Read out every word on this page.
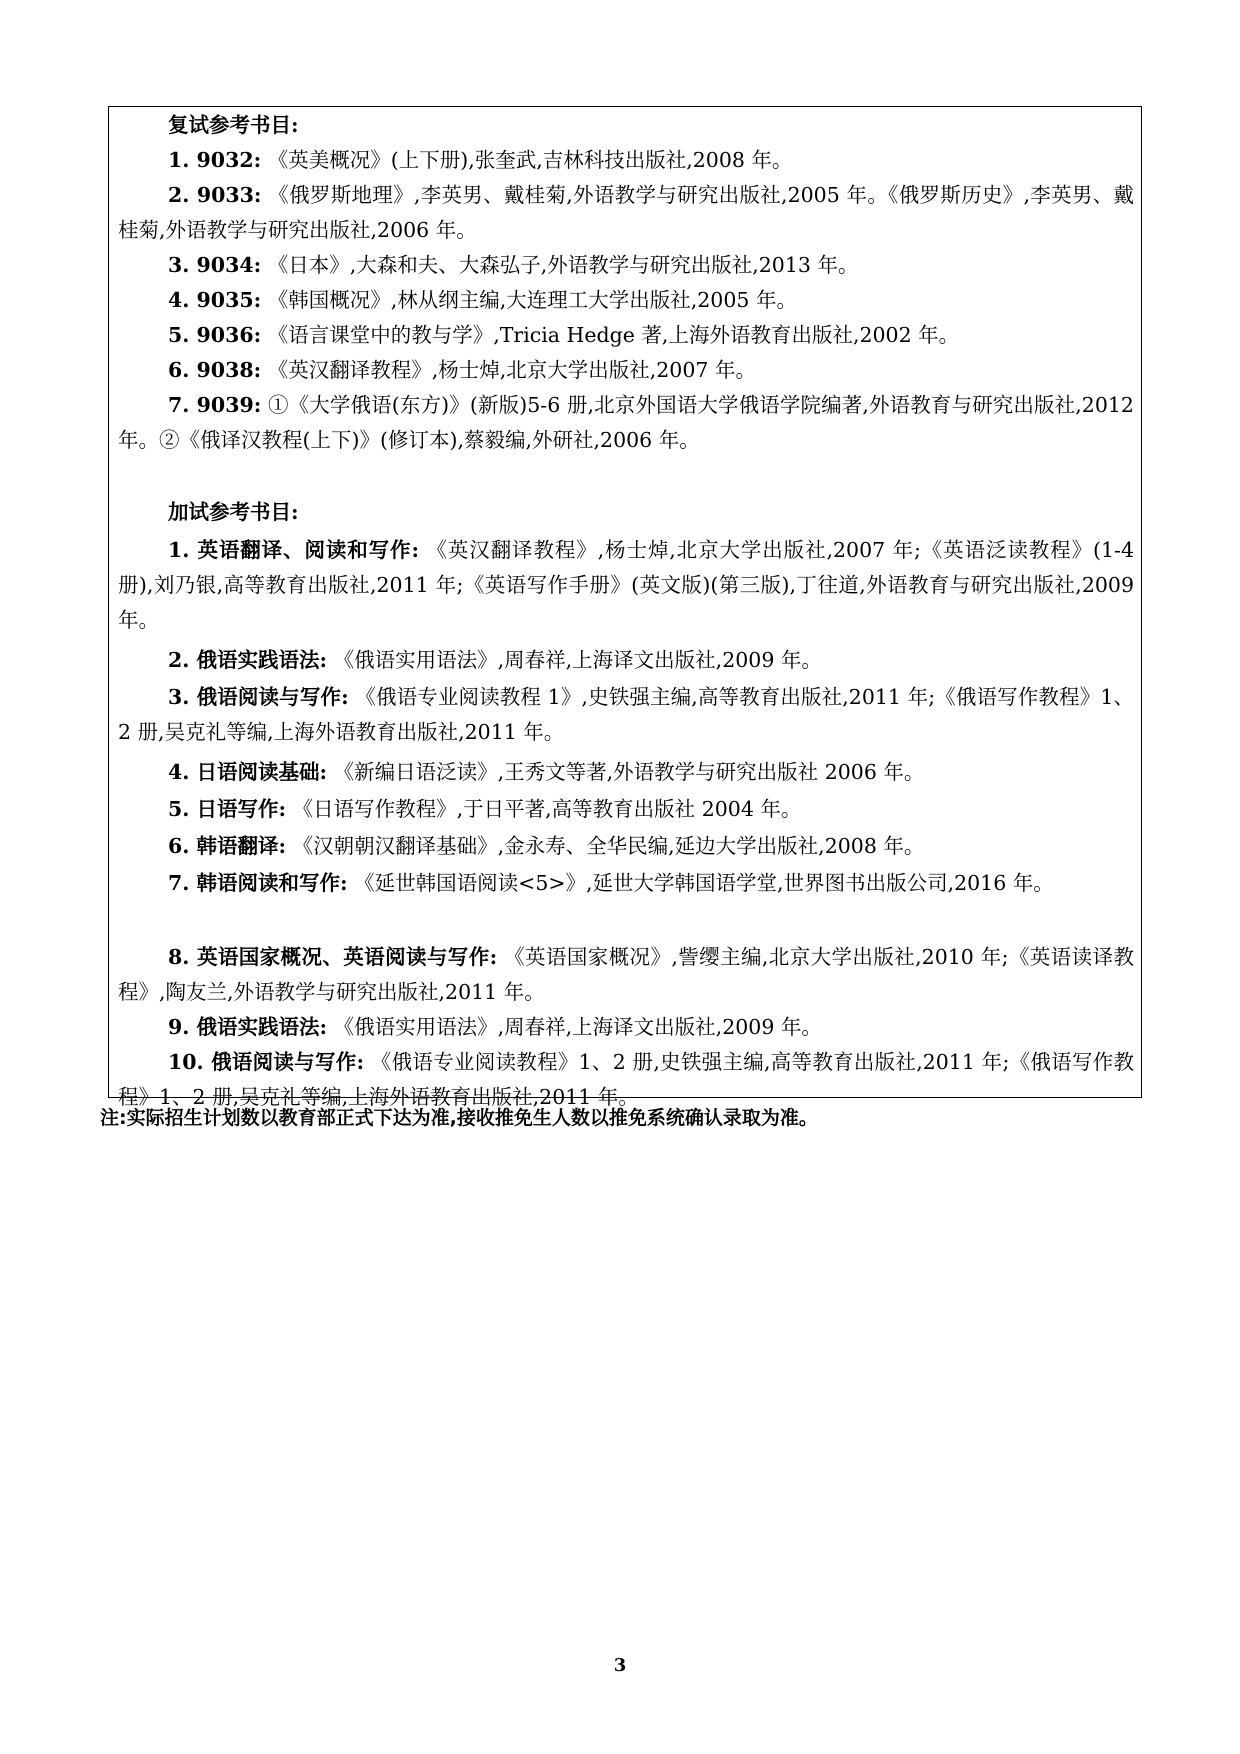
复试参考书目:

1. 9032: 《英美概况》(上下册),张奎武,吉林科技出版社,2008 年。

2. 9033: 《俄罗斯地理》,李英男、戴桂菊,外语教学与研究出版社,2005 年。《俄罗斯历史》,李英男、戴桂菊,外语教学与研究出版社,2006 年。

3. 9034: 《日本》,大森和夫、大森弘子,外语教学与研究出版社,2013 年。

4. 9035: 《韩国概况》,林从纲主编,大连理工大学出版社,2005 年。

5. 9036: 《语言课堂中的教与学》,Tricia Hedge 著,上海外语教育出版社,2002 年。

6. 9038: 《英汉翻译教程》,杨士焯,北京大学出版社,2007 年。

7. 9039: ①《大学俄语(东方)》(新版)5-6 册,北京外国语大学俄语学院编著,外语教育与研究出版社,2012 年。②《俄译汉教程(上下)》(修订本),蔡毅编,外研社,2006 年。

加试参考书目:

1. 英语翻译、阅读和写作: 《英汉翻译教程》,杨士焯,北京大学出版社,2007 年;《英语泛读教程》(1-4 册),刘乃银,高等教育出版社,2011 年;《英语写作手册》(英文版)(第三版),丁往道,外语教育与研究出版社,2009 年。

2. 俄语实践语法: 《俄语实用语法》,周春祥,上海译文出版社,2009 年。

3. 俄语阅读与写作: 《俄语专业阅读教程 1》,史铁强主编,高等教育出版社,2011 年;《俄语写作教程》1、2 册,吴克礼等编,上海外语教育出版社,2011 年。

4. 日语阅读基础: 《新编日语泛读》,王秀文等著,外语教学与研究出版社 2006 年。

5. 日语写作: 《日语写作教程》,于日平著,高等教育出版社 2004 年。

6. 韩语翻译: 《汉朝朝汉翻译基础》,金永寿、全华民编,延边大学出版社,2008 年。

7. 韩语阅读和写作: 《延世韩国语阅读<5>》,延世大学韩国语学堂,世界图书出版公司,2016 年。

8. 英语国家概况、英语阅读与写作: 《英语国家概况》,訾缨主编,北京大学出版社,2010 年;《英语读译教程》,陶友兰,外语教学与研究出版社,2011 年。

9. 俄语实践语法: 《俄语实用语法》,周春祥,上海译文出版社,2009 年。

10. 俄语阅读与写作: 《俄语专业阅读教程》1、2 册,史铁强主编,高等教育出版社,2011 年;《俄语写作教程》1、2 册,吴克礼等编,上海外语教育出版社,2011 年。

注:实际招生计划数以教育部正式下达为准,接收推免生人数以推免系统确认录取为准。

3
